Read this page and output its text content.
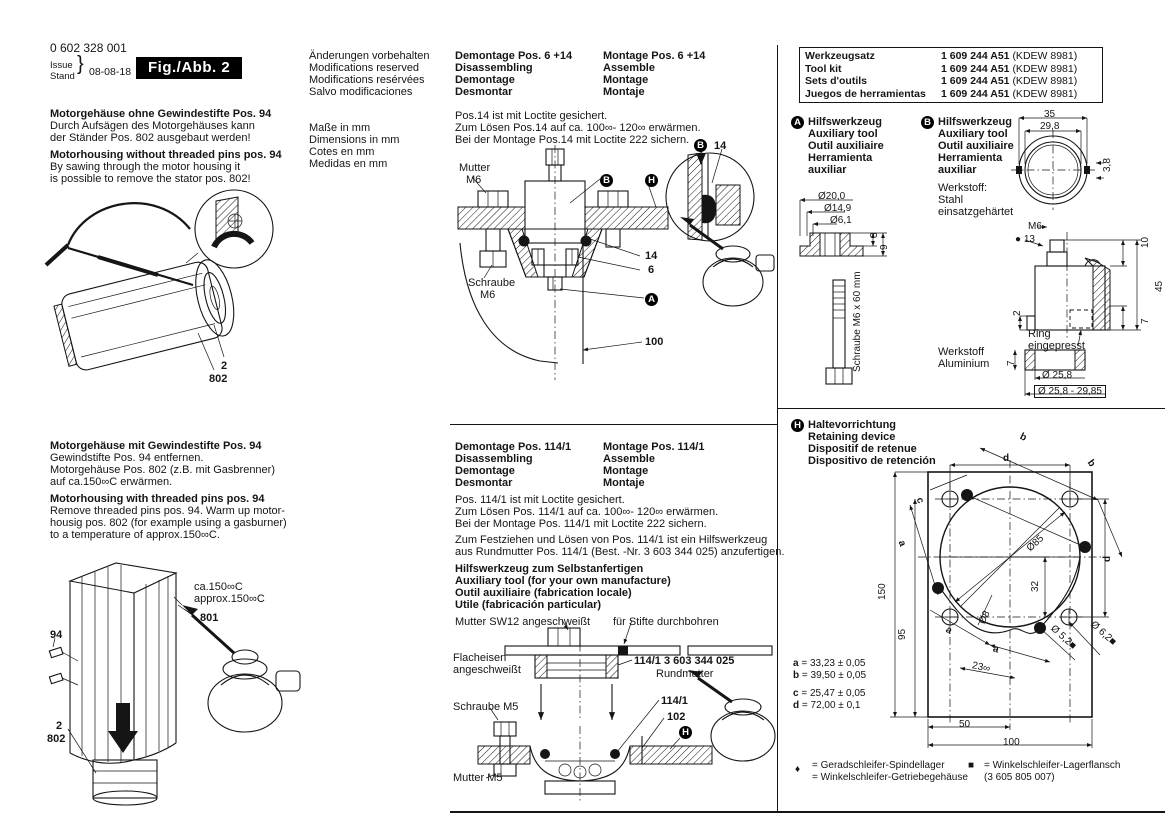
0 602 328 001
Issue
Stand
} 08-08-18	Fig./Abb. 2
Änderungen vorbehalten
Modifications reserved
Modifications resérvées
Salvo modificaciones
Maße in mm
Dimensions in mm
Cotes en mm
Medidas en mm
Motorgehäuse ohne Gewindestifte Pos. 94
Durch Aufsägen des Motorgehäuses kann
der Ständer Pos. 802 ausgebaut werden!
Motorhousing without threaded pins pos. 94
By sawing through the motor housing it
is possible to remove the stator pos. 802!
2
802
Motorgehäuse mit Gewindestifte Pos. 94
Gewindstifte Pos. 94 entfernen.
Motorgehäuse Pos. 802 (z.B. mit Gasbrenner)
auf ca.150∞C erwärmen.
Motorhousing with threaded pins pos. 94
Remove threaded pins pos. 94. Warm up motor-
housig pos. 802 (for example using a gasburner)
to a temperature of approx.150∞C.
94
ca.150∞C
approx.150∞C
801
2
802
Demontage Pos. 6 +14
Disassembling
Demontage
Desmontar
Montage Pos. 6 +14
Assemble
Montage
Montaje
Pos.14 ist mit Loctite gesichert.
Zum Lösen Pos.14 auf ca. 100∞- 120∞ erwärmen.
Bei der Montage Pos.14 mit Loctite 222 sichern.
Mutter
M6
Schraube
M6
B	H
A
B 14
14
6
100
Demontage Pos. 114/1
Disassembling
Demontage
Desmontar
Montage Pos. 114/1
Assemble
Montage
Montaje
Pos. 114/1 ist mit Loctite gesichert.
Zum Lösen Pos. 114/1 auf ca. 100∞- 120∞ erwärmen.
Bei der Montage Pos. 114/1 mit Loctite 222 sichern.
Zum Festziehen und Lösen von Pos. 114/1 ist ein Hilfswerkzeug
aus Rundmutter Pos. 114/1 (Best. -Nr. 3 603 344 025) anzufertigen.
Hilfswerkzeug zum Selbstanfertigen
Auxiliary tool (for your own manufacture)
Outil auxiliaire (fabrication locale)
Utile (fabricación particular)
Mutter SW12 angeschweißt für Stifte durchbohren
Flacheisen
angeschweißt
114/1 3 603 344 025
Rundmutter
Schraube M5	114/1
102
H
Mutter M5
Werkzeugsatz	1 609 244 A51 (KDEW 8981)
Tool kit	1 609 244 A51 (KDEW 8981)
Sets d'outils	1 609 244 A51 (KDEW 8981)
Juegos de herramientas 1 609 244 A51 (KDEW 8981)
A Hilfswerkzeug
Auxiliary tool
Outil auxiliaire
Herramienta
auxiliar
Ø20,0
Ø14,9
Ø6,1
3
9
Schraube M6 x 60 mm
B Hilfswerkzeug
Auxiliary tool
Outil auxiliaire
Herramienta
auxiliar
Werkstoff:
Stahl
einsatzgehärtet
35
29,8
3,8
M6
● 13	10
45
7
2
Ring
eingepresst
7
Werkstoff
Aluminium
Ø 25,8
Ø 25,8 - 29,85
H Haltevorrichtung
Retaining device
Dispositif de retenue
Dispositivo de retención
b
b
d
c
a	Ø85
32
150
95
d
a
a
23∞
Ø8
Ø 5,2■ Ø 6,2■
50
100
a = 33,23 ± 0,05
b = 39,50 ± 0,05
c = 25,47 ± 0,05
d = 72,00 ± 0,1
♦ = Geradschleifer-Spindellager
= Winkelschleifer-Getriebegehäuse
■ = Winkelschleifer-Lagerflansch
(3 605 805 007)
